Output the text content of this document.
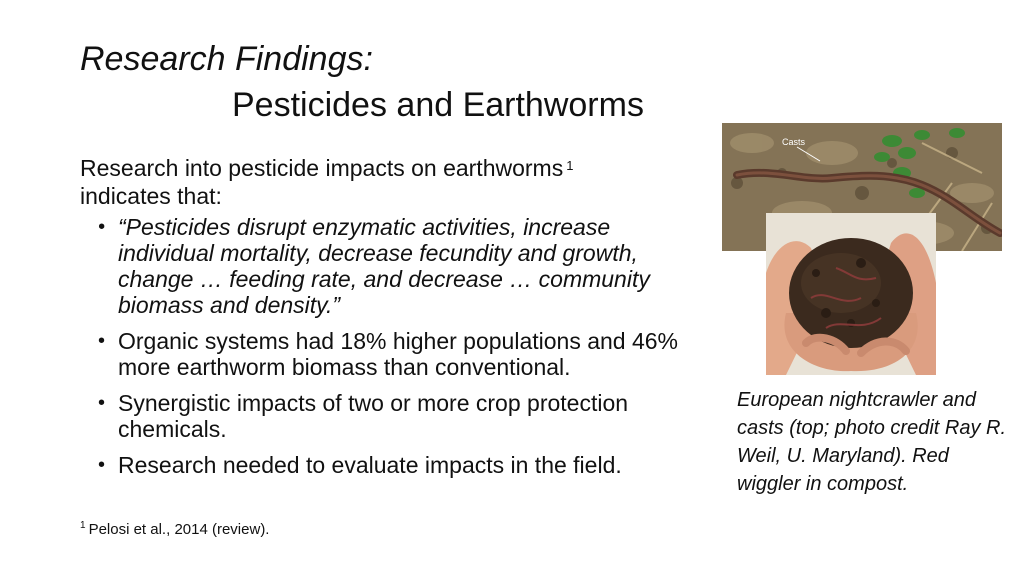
Research Findings:
Pesticides and Earthworms
Research into pesticide impacts on earthworms $^1$
indicates that:
• “Pesticides disrupt enzymatic activities, increase individual mortality, decrease fecundity and growth, change … feeding rate, and decrease … community biomass and density.”
• Organic systems had 18% higher populations and 46% more earthworm biomass than conventional.
• Synergistic impacts of two or more crop protection chemicals.
• Research needed to evaluate impacts in the field.
$^1$ Pelosi et al., 2014 (review).
Casts
European nightcrawler and casts (top; photo credit Ray R. Weil, U. Maryland). Red wiggler in compost.
